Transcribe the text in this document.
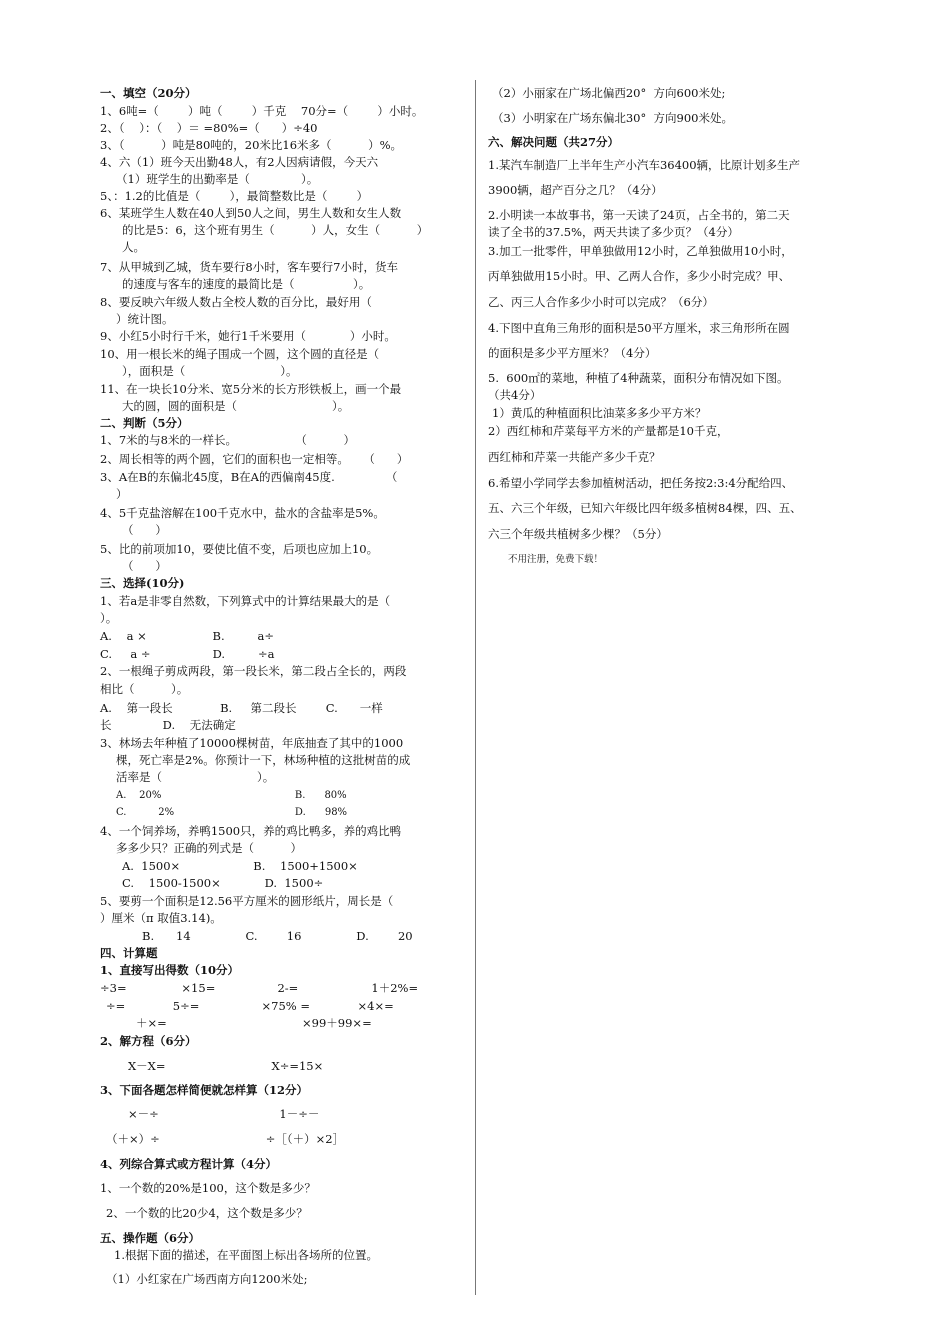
一、填空（20分）
1、6吨=（        ）吨（        ）千克    70分=（        ）小时。
2、（    ）：（    ）＝ =80%=（      ）÷40
3、（          ）吨是80吨的，20米比16米多（          ）%。
4、六（1）班今天出勤48人，有2人因病请假，今天六
（1）班学生的出勤率是（              ）。
5、：1.2的比值是（        ），最简整数比是（        ）
6、某班学生人数在40人到50人之间，男生人数和女生人数
的比是5：6，这个班有男生（          ）人，女生（          ）
人。
7、从甲城到乙城，货车要行8小时，客车要行7小时，货车
的速度与客车的速度的最简比是（                ）。
8、要反映六年级人数占全校人数的百分比，最好用（
）统计图。
9、小红5小时行千米，她行1千米要用（            ）小时。
10、用一根长米的绳子围成一个圆，这个圆的直径是（
），面积是（                          ）。
11、在一块长10分米、宽5分米的长方形铁板上，画一个最
大的圆，圆的面积是（                          ）。
二、判断（5分）
1、7米的与8米的一样长。                （          ）
2、周长相等的两个圆，它们的面积也一定相等。    （      ）
3、A在B的东偏北45度，B在A的西偏南45度.              （
）
4、5千克盐溶解在100千克水中，盐水的含盐率是5%。
（      ）
5、比的前项加10，要使比值不变，后项也应加上10。
（      ）
三、选择(10分)
1、若a是非零自然数，下列算式中的计算结果最大的是（
）。
A.    a ×                  B.         a÷
C.     a ÷                 D.         ÷a
2、一根绳子剪成两段，第一段长米，第二段占全长的，两段
相比（          ）。
A.    第一段长             B.     第二段长        C.      一样
长              D.    无法确定
3、林场去年种植了10000棵树苗，年底抽查了其中的1000
棵，死亡率是2%。你预计一下，林场种植的这批树苗的成
活率是（                          ）。
A.    20%                                          B.      80%
C.          2%                                      D.      98%
4、一个饲养场，养鸭1500只，养的鸡比鸭多，养的鸡比鸭
多多少只？正确的列式是（          ）
A.  1500×                    B.    1500+1500×
C.    1500-1500×            D.  1500÷
5、要剪一个面积是12.56平方厘米的圆形纸片，周长是（
）厘米（π 取值3.14)。
B.      14               C.        16               D.        20
四、计算题
1、直接写出得数（10分）
÷3=               ×15=                 2-=                    1＋2%=
÷=             5÷=                 ×75% =             ×4×=
＋×=                                     ×99＋99×=
2、解方程（6分）
X－X=                             X÷=15×
3、下面各题怎样简便就怎样算（12分）
×－÷                                 1－÷－
（＋×）÷                             ÷［（＋）×2］
4、列综合算式或方程计算（4分）
1、一个数的20%是100，这个数是多少？
2、一个数的比20少4，这个数是多少？
五、操作题（6分）
1.根据下面的描述，在平面图上标出各场所的位置。
（1）小红家在广场西南方向1200米处;
（2）小丽家在广场北偏西20°  方向600米处;
（3）小明家在广场东偏北30°  方向900米处。
六、解决问题（共27分）
1.某汽车制造厂上半年生产小汽车36400辆，比原计划多生产
3900辆，超产百分之几？（4分）
2.小明读一本故事书，第一天读了24页，占全书的，第二天
读了全书的37.5%，两天共读了多少页？（4分）
3.加工一批零件，甲单独做用12小时，乙单独做用10小时，
丙单独做用15小时。甲、乙两人合作，多少小时完成？甲、
乙、丙三人合作多少小时可以完成？（6分）
4.下图中直角三角形的面积是50平方厘米，求三角形所在圆
的面积是多少平方厘米？（4分）
5.  600㎡的菜地，种植了4种蔬菜，面积分布情况如下图。
（共4分）
1）黄瓜的种植面积比油菜多多少平方米？
2）西红柿和芹菜每平方米的产量都是10千克，
西红柿和芹菜一共能产多少千克？
6.希望小学同学去参加植树活动，把任务按2:3:4分配给四、
五、六三个年级，已知六年级比四年级多植树84棵，四、五、
六三个年级共植树多少棵？（5分）
不用注册，免费下载！
